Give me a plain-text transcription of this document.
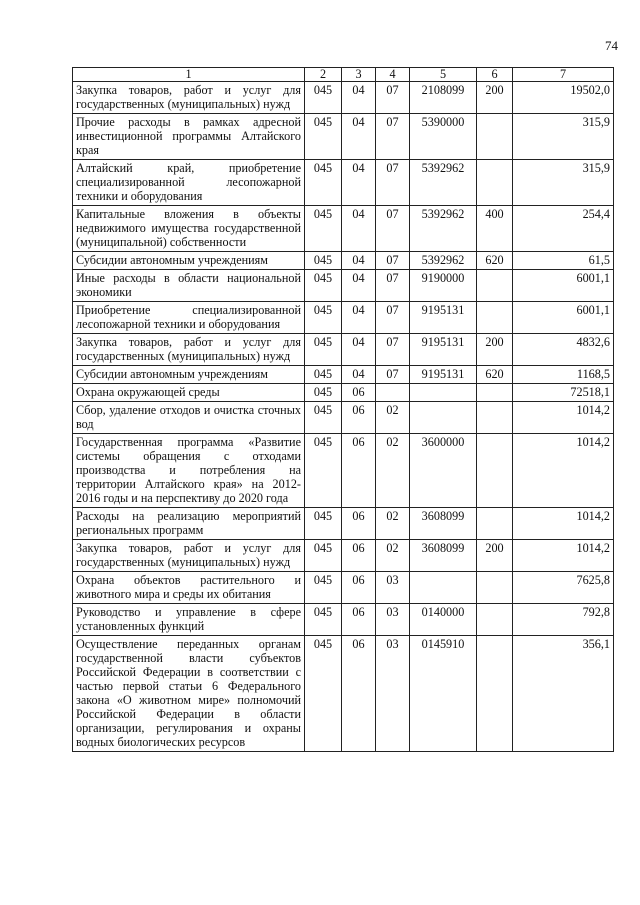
74
1	2	3	4	5	6	7
Закупка товаров, работ и услуг для государственных (муниципальных) нужд	045	04	07	2108099	200	19502,0
Прочие расходы в рамках адресной инвестиционной программы Алтайского края	045	04	07	5390000		315,9
Алтайский край, приобретение специализированной лесопожарной техники и оборудования	045	04	07	5392962		315,9
Капитальные вложения в объекты недвижимого имущества государственной (муниципальной) собственности	045	04	07	5392962	400	254,4
Субсидии автономным учреждениям	045	04	07	5392962	620	61,5
Иные расходы в области национальной экономики	045	04	07	9190000		6001,1
Приобретение специализированной лесопожарной техники и оборудования	045	04	07	9195131		6001,1
Закупка товаров, работ и услуг для государственных (муниципальных) нужд	045	04	07	9195131	200	4832,6
Субсидии автономным учреждениям	045	04	07	9195131	620	1168,5
Охрана окружающей среды	045	06				72518,1
Сбор, удаление отходов и очистка сточных вод	045	06	02			1014,2
Государственная программа «Развитие системы обращения с отходами производства и потребления на территории Алтайского края» на 2012-2016 годы и на перспективу до 2020 года	045	06	02	3600000		1014,2
Расходы на реализацию мероприятий региональных программ	045	06	02	3608099		1014,2
Закупка товаров, работ и услуг для государственных (муниципальных) нужд	045	06	02	3608099	200	1014,2
Охрана объектов растительного и животного мира и среды их обитания	045	06	03			7625,8
Руководство и управление в сфере установленных функций	045	06	03	0140000		792,8
Осуществление переданных органам государственной власти субъектов Российской Федерации в соответствии с частью первой статьи 6 Федерального закона «О животном мире» полномочий Российской Федерации в области организации, регулирования и охраны водных биологических ресурсов	045	06	03	0145910		356,1
